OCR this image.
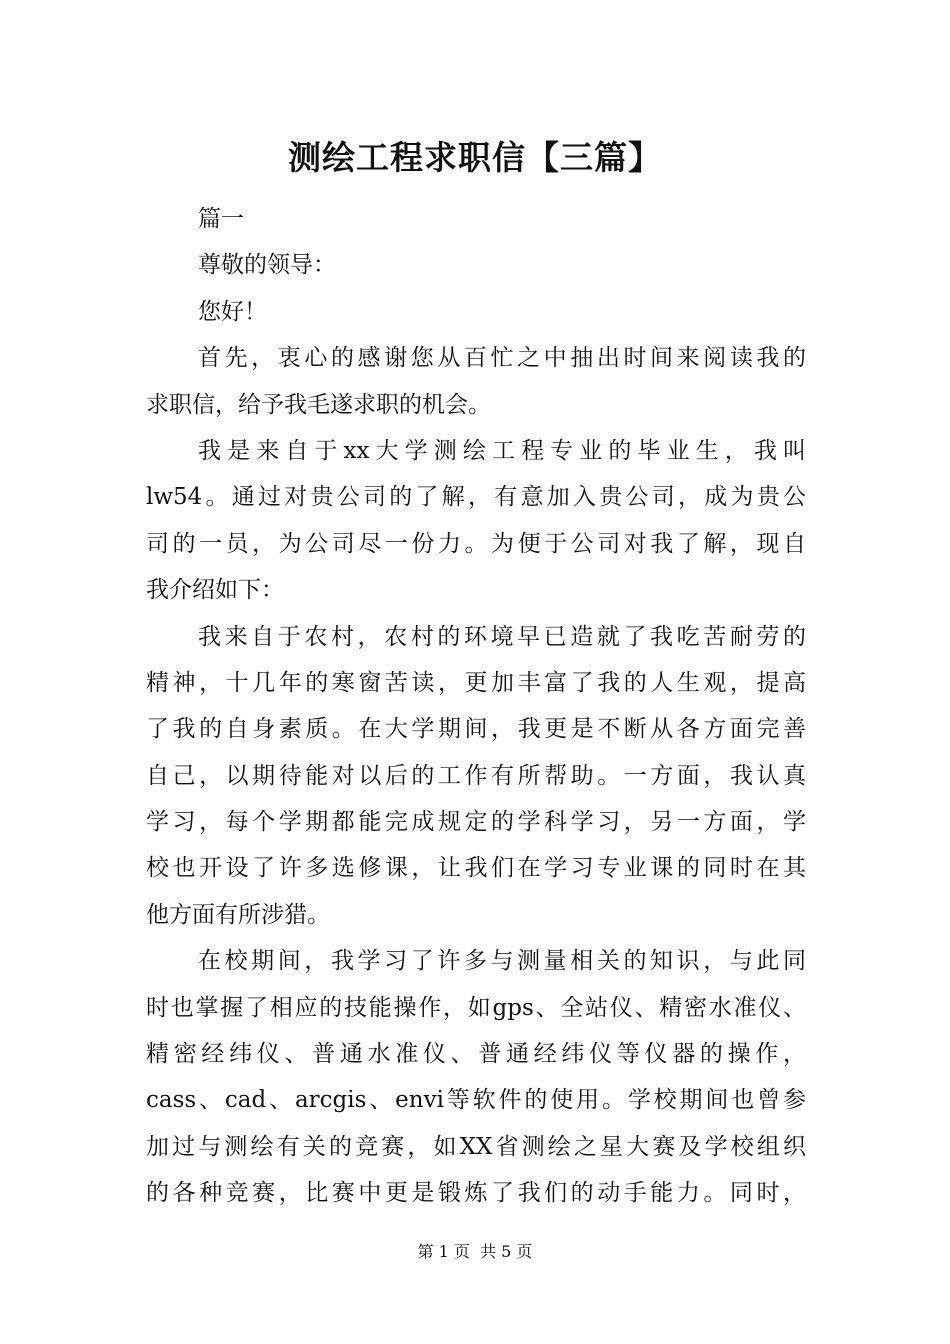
测绘工程求职信【三篇】
篇一
尊敬的领导：
您好！
首先，衷心的感谢您从百忙之中抽出时间来阅读我的
求职信，给予我毛遂求职的机会。
我是来自于xx大学测绘工程专业的毕业生，我叫
lw54。通过对贵公司的了解，有意加入贵公司，成为贵公
司的一员，为公司尽一份力。为便于公司对我了解，现自
我介绍如下：
我来自于农村，农村的环境早已造就了我吃苦耐劳的
精神，十几年的寒窗苦读，更加丰富了我的人生观，提高
了我的自身素质。在大学期间，我更是不断从各方面完善
自己，以期待能对以后的工作有所帮助。一方面，我认真
学习，每个学期都能完成规定的学科学习，另一方面，学
校也开设了许多选修课，让我们在学习专业课的同时在其
他方面有所涉猎。
在校期间，我学习了许多与测量相关的知识，与此同
时也掌握了相应的技能操作，如gps、全站仪、精密水准仪、
精密经纬仪、普通水准仪、普通经纬仪等仪器的操作，
cass、cad、arcgis、envi等软件的使用。学校期间也曾参
加过与测绘有关的竞赛，如XX省测绘之星大赛及学校组织
的各种竞赛，比赛中更是锻炼了我们的动手能力。同时，
第 1 页  共 5 页
